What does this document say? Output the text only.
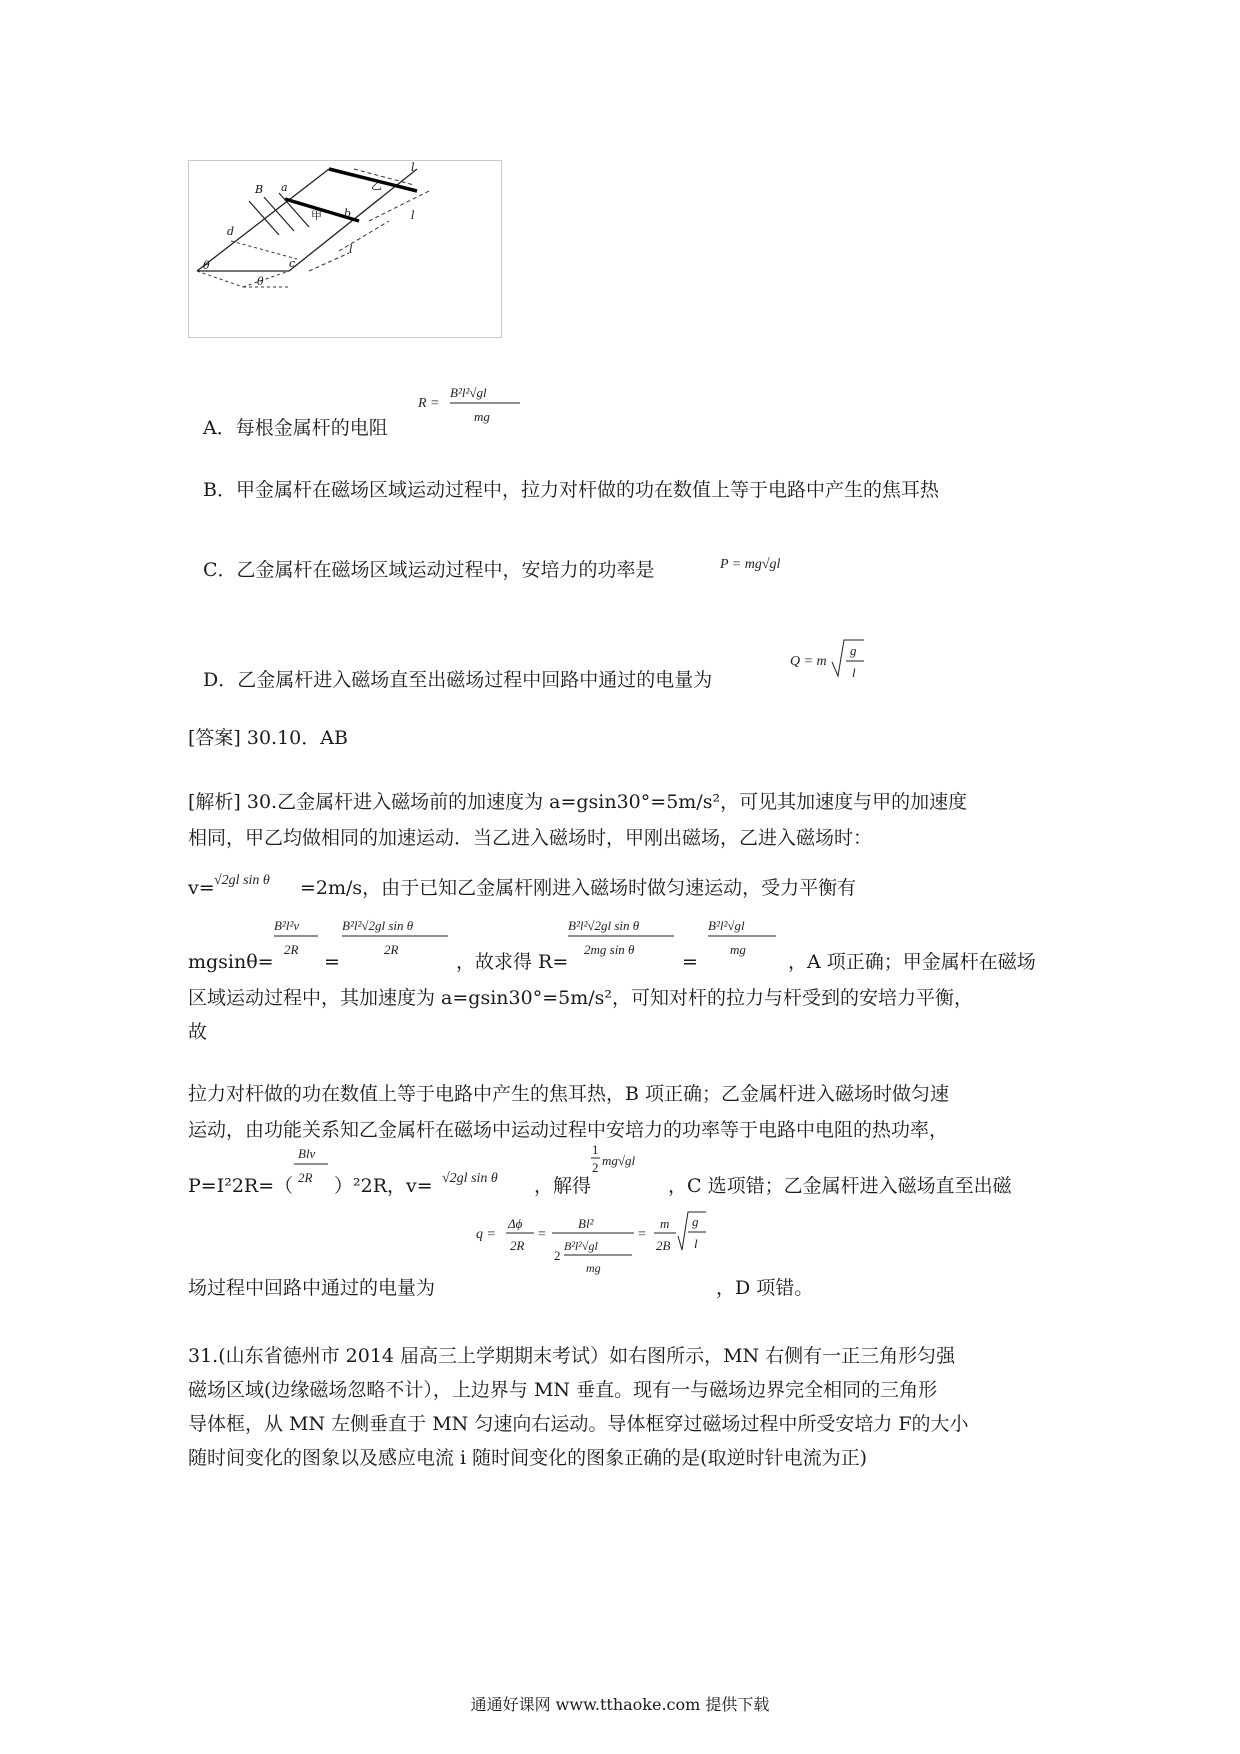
B a
b
c
d
乙
甲
l
l
l
θ
θ
A．每根金属杆的电阻
R =
B²l²√gl
mg
B．甲金属杆在磁场区域运动过程中，拉力对杆做的功在数值上等于电路中产生的焦耳热
C．乙金属杆在磁场区域运动过程中，安培力的功率是	P = mg√gl
D．乙金属杆进入磁场直至出磁场过程中回路中通过的电量为
Q = m
g
l
[答案] 30.10．AB
[解析] 30.乙金属杆进入磁场前的加速度为 a=gsin30°=5m/s²，可见其加速度与甲的加速度
相同，甲乙均做相同的加速运动．当乙进入磁场时，甲刚出磁场，乙进入磁场时：
v= √2gl sin θ =2m/s，由于已知乙金属杆刚进入磁场时做匀速运动，受力平衡有
mgsinθ=
B²l²v
2R
=
B²l²√2gl sin θ
2R
，故求得 R=
B²l²√2gl sin θ
2mg sin θ
=
B²l²√gl
mg
，A 项正确；甲金属杆在磁场
区域运动过程中，其加速度为 a=gsin30°=5m/s²，可知对杆的拉力与杆受到的安培力平衡，
故
拉力对杆做的功在数值上等于电路中产生的焦耳热，B 项正确；乙金属杆进入磁场时做匀速
运动，由功能关系知乙金属杆在磁场中运动过程中安培力的功率等于电路中电阻的热功率，
P=I²2R=（
Blv
2R ）²2R，v= √2gl sin θ ，解得
1
2 mg√gl
，C 选项错；乙金属杆进入磁场直至出磁
q =
Δϕ
2R
=
Bl²
2
B²l²√gl
mg
=
m
2B
g
l
场过程中回路中通过的电量为	，D 项错。
31.(山东省德州市 2014 届高三上学期期末考试）如右图所示，MN 右侧有一正三角形匀强
磁场区域(边缘磁场忽略不计），上边界与 MN 垂直。现有一与磁场边界完全相同的三角形
导体框，从 MN 左侧垂直于 MN 匀速向右运动。导体框穿过磁场过程中所受安培力 F的大小
随时间变化的图象以及感应电流 i 随时间变化的图象正确的是(取逆时针电流为正)
通通好课网 www.tthaoke.com 提供下载
